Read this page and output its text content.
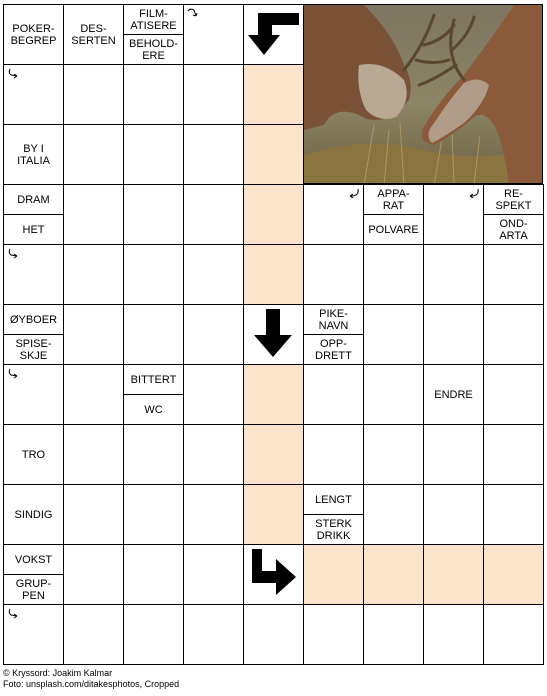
POKER-
BEGREP
DES-
SERTEN
FILM-
ATISERE
BEHOLD-
ERE
BY I
ITALIA
DRAM
HET
APPA-
RAT
POLVARE
RE-
SPEKT
OND-
ARTA
ØYBOER
SPISE-
SKJE
PIKE-
NAVN
OPP-
DRETT
BITTERT
WC
ENDRE
TRO
SINDIG
LENGT
STERK
DRIKK
VOKST
GRUP-
PEN
© Kryssord: Joakim Kalmar
Foto: unsplash.com/ditakesphotos, Cropped
